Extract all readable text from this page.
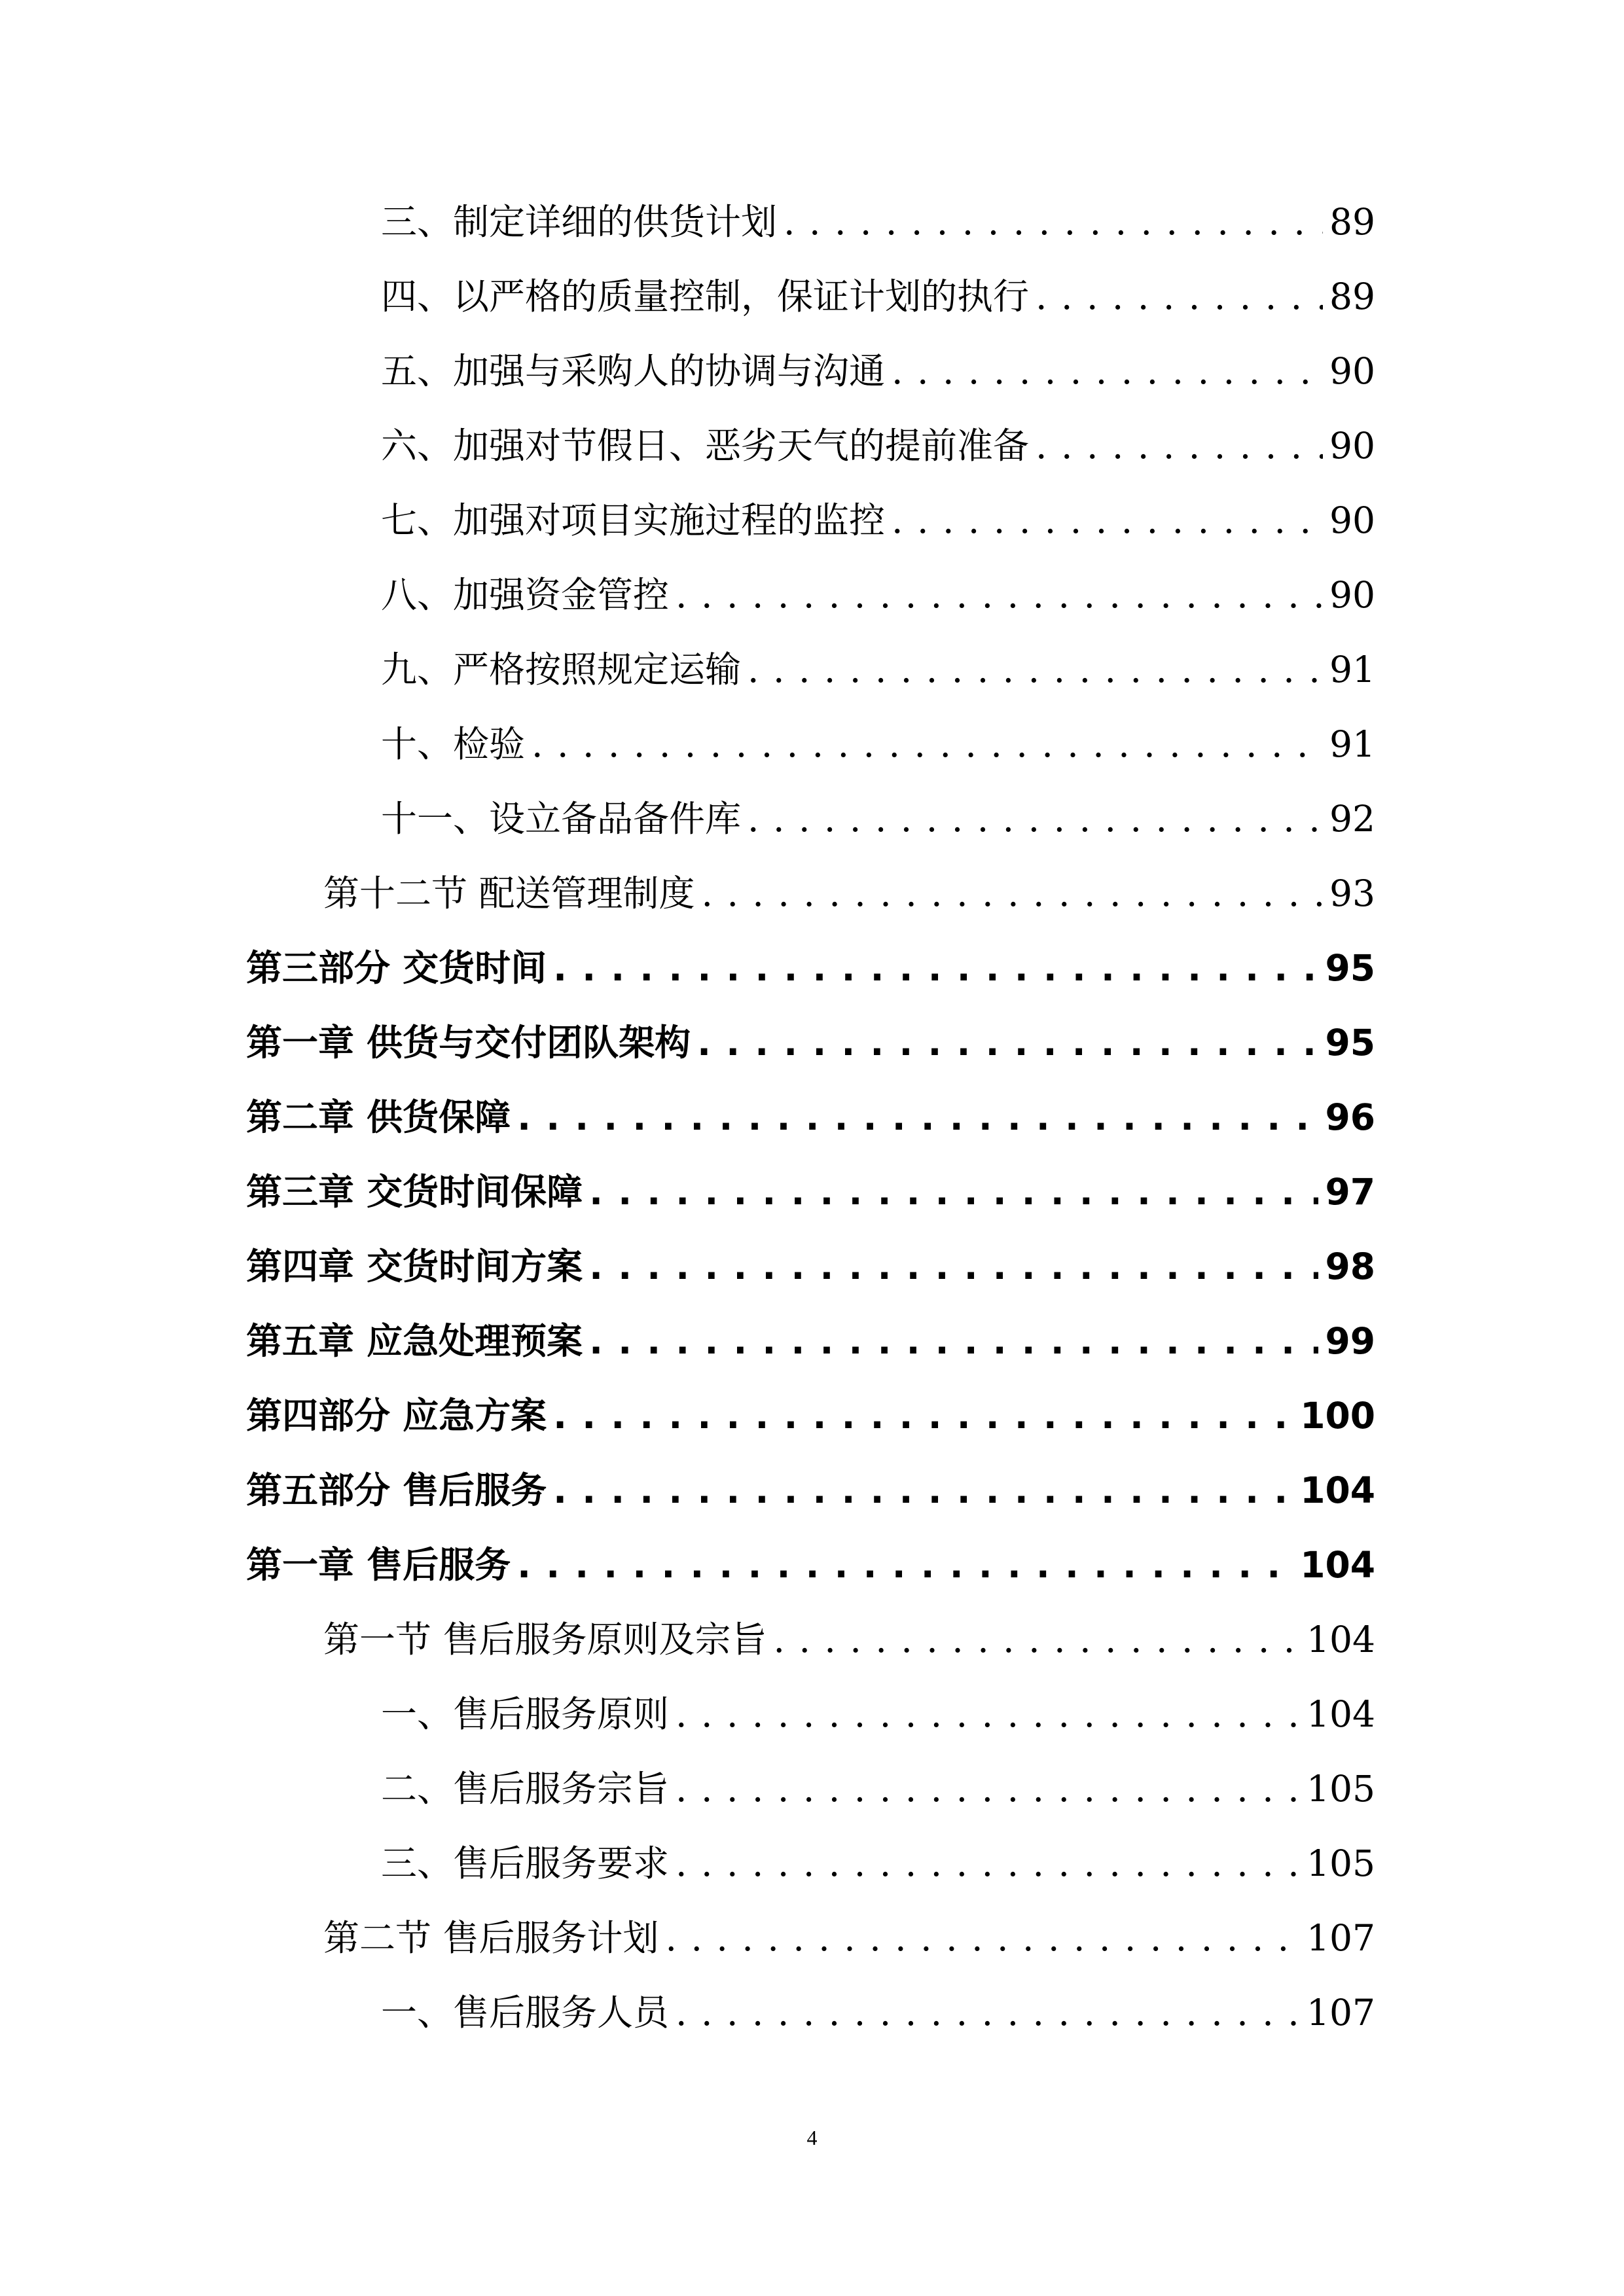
三、制定详细的供货计划 . . .	89
四、以严格的质量控制，保证计划的执行 . . .	89
五、加强与采购人的协调与沟通 . . .	90
六、加强对节假日、恶劣天气的提前准备 . . .	90
七、加强对项目实施过程的监控 . . .	90
八、加强资金管控 . . .	90
九、严格按照规定运输 . . .	91
十、检验 . . .	91
十一、设立备品备件库 . . .	92
第十二节 配送管理制度 . . .	93
第三部分 交货时间 . . .	95
第一章 供货与交付团队架构 . . .	95
第二章 供货保障 . . .	96
第三章 交货时间保障 . . .	97
第四章 交货时间方案 . . .	98
第五章 应急处理预案 . . .	99
第四部分 应急方案 . . .	100
第五部分 售后服务 . . .	104
第一章 售后服务 . . .	104
第一节 售后服务原则及宗旨 . . .	104
一、售后服务原则 . . .	104
二、售后服务宗旨 . . .	105
三、售后服务要求 . . .	105
第二节 售后服务计划 . . .	107
一、售后服务人员 . . .	107
4
